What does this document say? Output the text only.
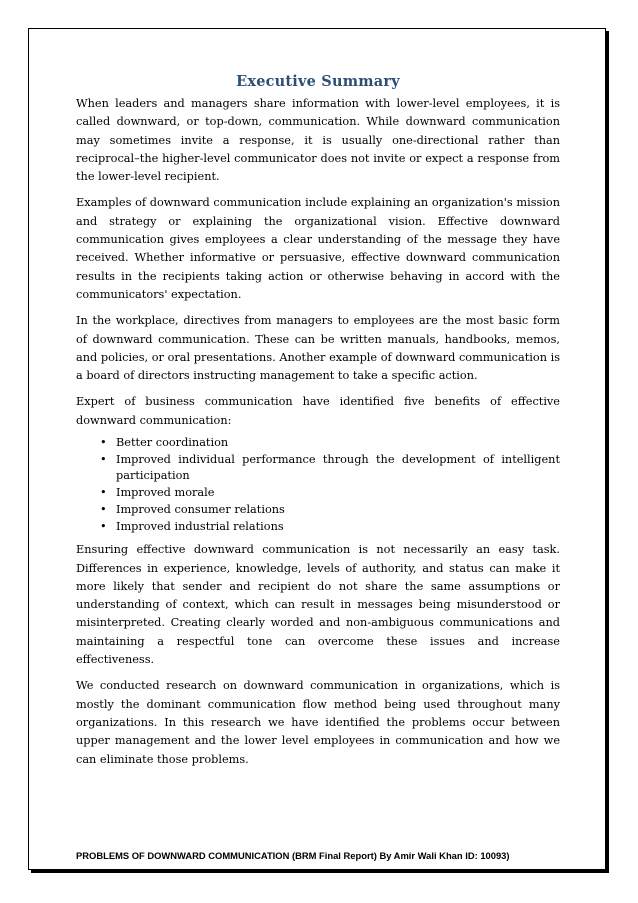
Executive Summary

When leaders and managers share information with lower-level employees, it is called downward, or top-down, communication. While downward communication may sometimes invite a response, it is usually one-directional rather than reciprocal–the higher-level communicator does not invite or expect a response from the lower-level recipient.

Examples of downward communication include explaining an organization's mission and strategy or explaining the organizational vision. Effective downward communication gives employees a clear understanding of the message they have received. Whether informative or persuasive, effective downward communication results in the recipients taking action or otherwise behaving in accord with the communicators' expectation.

In the workplace, directives from managers to employees are the most basic form of downward communication. These can be written manuals, handbooks, memos, and policies, or oral presentations. Another example of downward communication is a board of directors instructing management to take a specific action.

Expert of business communication have identified five benefits of effective downward communication:

• Better coordination
• Improved individual performance through the development of intelligent participation
• Improved morale
• Improved consumer relations
• Improved industrial relations

Ensuring effective downward communication is not necessarily an easy task. Differences in experience, knowledge, levels of authority, and status can make it more likely that sender and recipient do not share the same assumptions or understanding of context, which can result in messages being misunderstood or misinterpreted. Creating clearly worded and non-ambiguous communications and maintaining a respectful tone can overcome these issues and increase effectiveness.

We conducted research on downward communication in organizations, which is mostly the dominant communication flow method being used throughout many organizations. In this research we have identified the problems occur between upper management and the lower level employees in communication and how we can eliminate those problems.

PROBLEMS OF DOWNWARD COMMUNICATION (BRM Final Report) By Amir Wali Khan ID: 10093)
